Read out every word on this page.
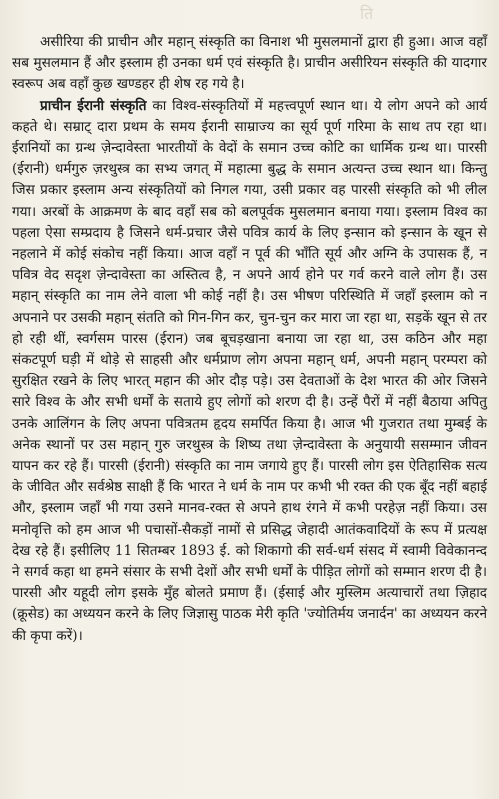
ति

असीरिया की प्राचीन और महान् संस्कृति का विनाश भी मुसलमानों द्वारा ही हुआ। आज वहाँ सब मुसलमान हैं और इस्लाम ही उनका धर्म एवं संस्कृति है। प्राचीन असीरियन संस्कृति की यादगार स्वरूप अब वहाँ कुछ खण्डहर ही शेष रह गये है।

प्राचीन ईरानी संस्कृति का विश्व-संस्कृतियों में महत्त्वपूर्ण स्थान था। ये लोग अपने को आर्य कहते थे। सम्राट् दारा प्रथम के समय ईरानी साम्राज्य का सूर्य पूर्ण गरिमा के साथ तप रहा था। ईरानियों का ग्रन्थ ज़ेन्दावेस्ता भारतीयों के वेदों के समान उच्च कोटि का धार्मिक ग्रन्थ था। पारसी (ईरानी) धर्मगुरु ज़रथुस्त्र का सभ्य जगत् में महात्मा बुद्ध के समान अत्यन्त उच्च स्थान था। किन्तु जिस प्रकार इस्लाम अन्य संस्कृतियों को निगल गया, उसी प्रकार वह पारसी संस्कृति को भी लील गया। अरबों के आक्रमण के बाद वहाँ सब को बलपूर्वक मुसलमान बनाया गया। इस्लाम विश्व का पहला ऐसा सम्प्रदाय है जिसने धर्म-प्रचार जैसे पवित्र कार्य के लिए इन्सान को इन्सान के खून से नहलाने में कोई संकोच नहीं किया। आज वहाँ न पूर्व की भाँति सूर्य और अग्नि के उपासक हैं, न पवित्र वेद सदृश ज़ेन्दावेस्ता का अस्तित्व है, न अपने आर्य होने पर गर्व करने वाले लोग हैं। उस महान् संस्कृति का नाम लेने वाला भी कोई नहीं है। उस भीषण परिस्थिति में जहाँ इस्लाम को न अपनाने पर उसकी महान् संतति को गिन-गिन कर, चुन-चुन कर मारा जा रहा था, सड़कें खून से तर हो रही थीं, स्वर्गसम पारस (ईरान) जब बूचड़खाना बनाया जा रहा था, उस कठिन और महा संकटपूर्ण घड़ी में थोड़े से साहसी और धर्मप्राण लोग अपना महान् धर्म, अपनी महान् परम्परा को सुरक्षित रखने के लिए भारत् महान की ओर दौड़ पड़े। उस देवताओं के देश भारत की ओर जिसने सारे विश्व के और सभी धर्मों के सताये हुए लोगों को शरण दी है। उन्हें पैरों में नहीं बैठाया अपितु उनके आलिंगन के लिए अपना पवित्रतम हृदय समर्पित किया है। आज भी गुजरात तथा मुम्बई के अनेक स्थानों पर उस महान् गुरु जरथुस्त्र के शिष्य तथा ज़ेन्दावेस्ता के अनुयायी ससम्मान जीवन यापन कर रहे हैं। पारसी (ईरानी) संस्कृति का नाम जगाये हुए हैं। पारसी लोग इस ऐतिहासिक सत्य के जीवित और सर्वश्रेष्ठ साक्षी हैं कि भारत ने धर्म के नाम पर कभी भी रक्त की एक बूँद नहीं बहाई और, इस्लाम जहाँ भी गया उसने मानव-रक्त से अपने हाथ रंगने में कभी परहेज़ नहीं किया। उस मनोवृत्ति को हम आज भी पचासों-सैकड़ों नामों से प्रसिद्ध जेहादी आतंकवादियों के रूप में प्रत्यक्ष देख रहे हैं। इसीलिए 11 सितम्बर 1893 ई. को शिकागो की सर्व-धर्म संसद में स्वामी विवेकानन्द ने सगर्व कहा था हमने संसार के सभी देशों और सभी धर्मों के पीड़ित लोगों को सम्मान शरण दी है। पारसी और यहूदी लोग इसके मुँह बोलते प्रमाण हैं। (ईसाई और मुस्लिम अत्याचारों तथा ज़िहाद (क्रूसेड) का अध्ययन करने के लिए जिज्ञासु पाठक मेरी कृति 'ज्योतिर्मय जनार्दन' का अध्ययन करने की कृपा करें)।
